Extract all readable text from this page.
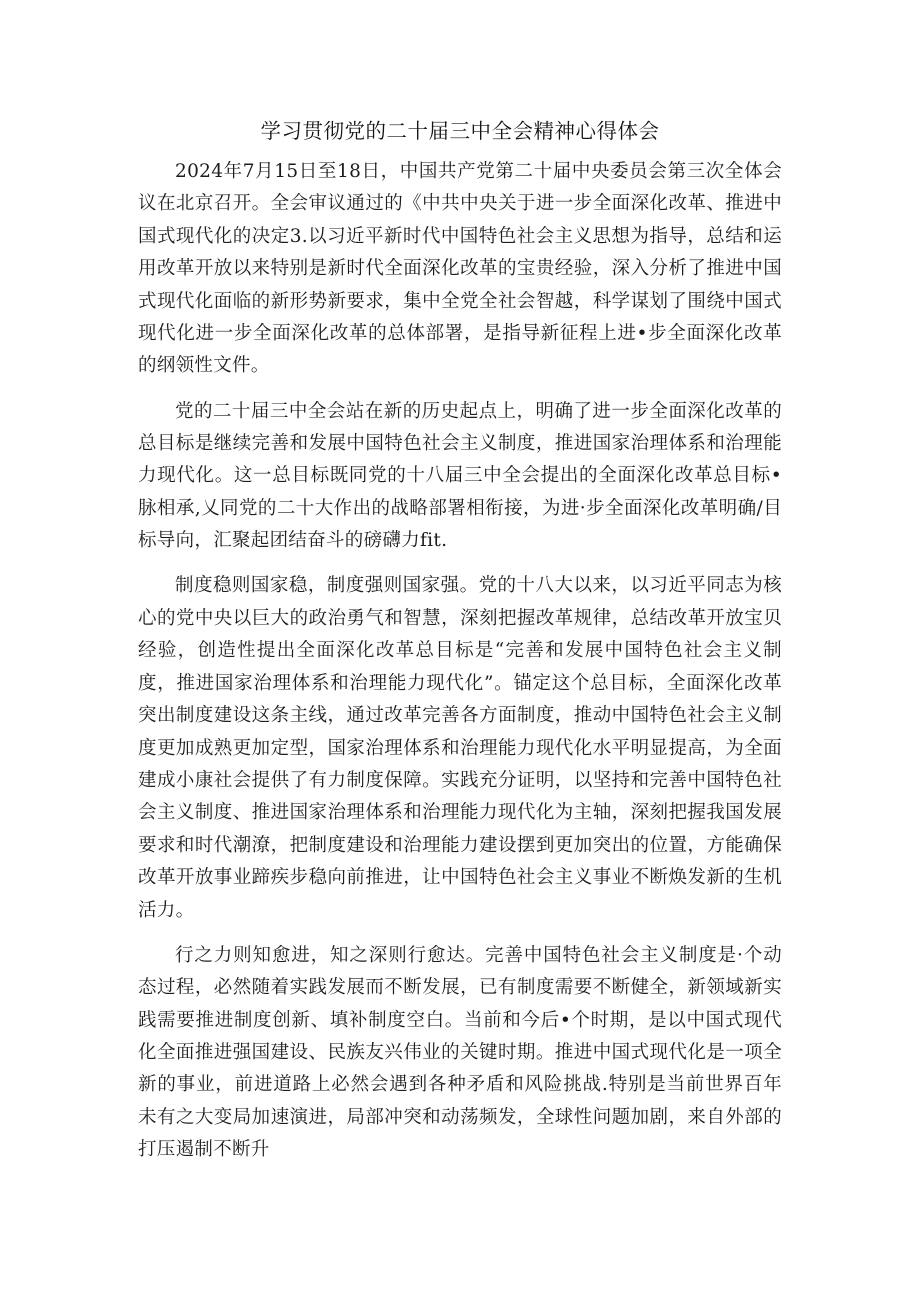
学习贯彻党的二十届三中全会精神心得体会

2024年7月15日至18日，中国共产党第二十届中央委员会第三次全体会议在北京召开。全会审议通过的《中共中央关于进一步全面深化改革、推进中国式现代化的决定3.以习近平新时代中国特色社会主义思想为指导，总结和运用改革开放以来特别是新时代全面深化改革的宝贵经验，深入分析了推进中国式现代化面临的新形势新要求，集中全党全社会智越，科学谋划了围绕中国式现代化进一步全面深化改革的总体部署，是指导新征程上进•步全面深化改革的纲领性文件。

党的二十届三中全会站在新的历史起点上，明确了进一步全面深化改革的总目标是继续完善和发展中国特色社会主义制度，推进国家治理体系和治理能力现代化。这一总目标既同党的十八届三中全会提出的全面深化改革总目标•脉相承,乂同党的二十大作出的战略部署相衔接，为进·步全面深化改革明确/目标导向，汇聚起团结奋斗的磅礴力fit.

制度稳则国家稳，制度强则国家强。党的十八大以来，以习近平同志为核心的党中央以巨大的政治勇气和智慧，深刻把握改革规律，总结改革开放宝贝经验，创造性提出全面深化改革总目标是“完善和发展中国特色社会主义制度，推进国家治理体系和治理能力现代化”。锚定这个总目标，全面深化改革突出制度建设这条主线，通过改革完善各方面制度，推动中国特色社会主义制度更加成熟更加定型，国家治理体系和治理能力现代化水平明显提高，为全面建成小康社会提供了有力制度保障。实践充分证明，以坚持和完善中国特色社会主义制度、推进国家治理体系和治理能力现代化为主轴，深刻把握我国发展要求和时代潮潦，把制度建设和治理能力建设摆到更加突出的位置，方能确保改革开放事业蹄疾步稳向前推进，让中国特色社会主义事业不断焕发新的生机活力。

行之力则知愈进，知之深则行愈达。完善中国特色社会主义制度是·个动态过程，必然随着实践发展而不断发展，已有制度需要不断健全，新领域新实践需要推进制度创新、填补制度空白。当前和今后•个时期，是以中国式现代化全面推进强国建设、民族友兴伟业的关键时期。推进中国式现代化是一项全新的事业，前进道路上必然会遇到各种矛盾和风险挑战.特别是当前世界百年未有之大变局加速演进，局部冲突和动荡频发，全球性问题加剧，来自外部的打压遏制不断升
